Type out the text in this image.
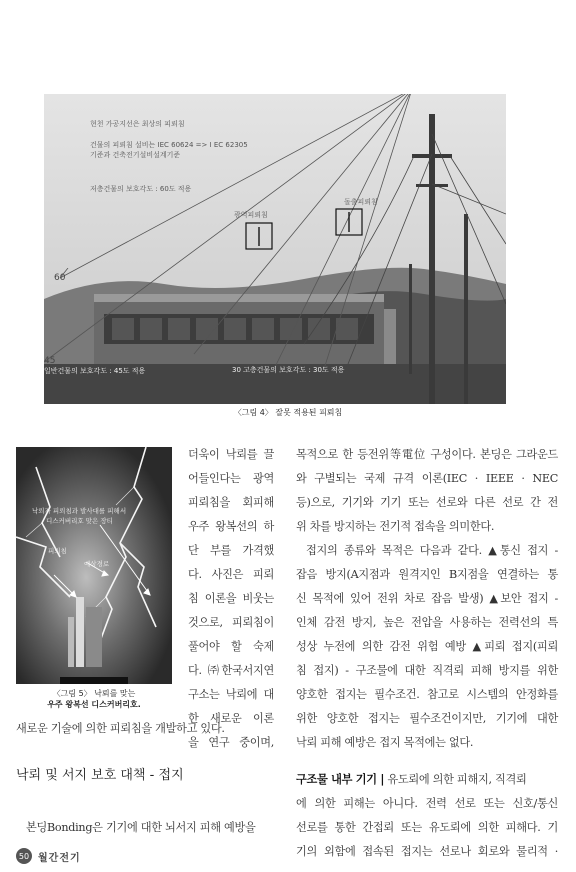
현천 가공지선은 최상의 피뢰침
건물의 피뢰침 설비는 IEC 60624 => I EC 62305
기준과 건축전기설비설계기준
저층건물의 보호각도 : 60도 적용
광역피뢰침
돌출피뢰침
일반건물의 보호각도 : 45도 적용	30 고층건물의 보호각도 : 30도 적용
60
45
〈그림 4〉 잘못 적용된 피뢰침
낙뢰가 피뢰침과 발사대를 피해서
디스커버리호 맞은 장티
피뢰침
예상경로
〈그림 5〉 낙뢰를 맞는
우주 왕복선 디스커버리호.
더욱이 낙뢰를 끌
어들인다는 광역
피뢰침을 회피해
우주 왕복선의 하
단 부를 가격했
다. 사진은 피뢰
침 이론을 비웃는
것으로, 피뢰침이
풀어야 할 숙제
다. ㈜한국서지연
구소는 낙뢰에 대
한 새로운 이론
을 연구 중이며,
새로운 기술에 의한 피뢰침을 개발하고 있다.
낙뢰 및 서지 보호 대책 - 접지
본딩Bonding은 기기에 대한 뇌서지 피해 예방을
목적으로 한 등전위等電位 구성이다. 본딩은 그라운드
와 구별되는 국제 규격 이론(IEC · IEEE · NEC
등)으로, 기기와 기기 또는 선로와 다른 선로 간 전
위 차를 방지하는 전기적 접속을 의미한다.
접지의 종류와 목적은 다음과 같다. ▲통신 접지 -
잡음 방지(A지점과 원격지인 B지점을 연결하는 통
신 목적에 있어 전위 차로 잡음 발생) ▲보안 접지 -
인체 감전 방지, 높은 전압을 사용하는 전력선의 특
성상 누전에 의한 감전 위험 예방 ▲피뢰 접지(피뢰
침 접지) - 구조물에 대한 직격뢰 피해 방지를 위한
양호한 접지는 필수조건. 참고로 시스템의 안정화를
위한 양호한 접지는 필수조건이지만, 기기에 대한
낙뢰 피해 예방은 접지 목적에는 없다.
구조물 내부 기기 | 유도뢰에 의한 피해지, 직격뢰
에 의한 피해는 아니다. 전력 선로 또는 신호/통신
선로를 통한 간접뢰 또는 유도뢰에 의한 피해다. 기
기의 외함에 접속된 접지는 선로나 회로와 물리적 ·
50 월간전기
